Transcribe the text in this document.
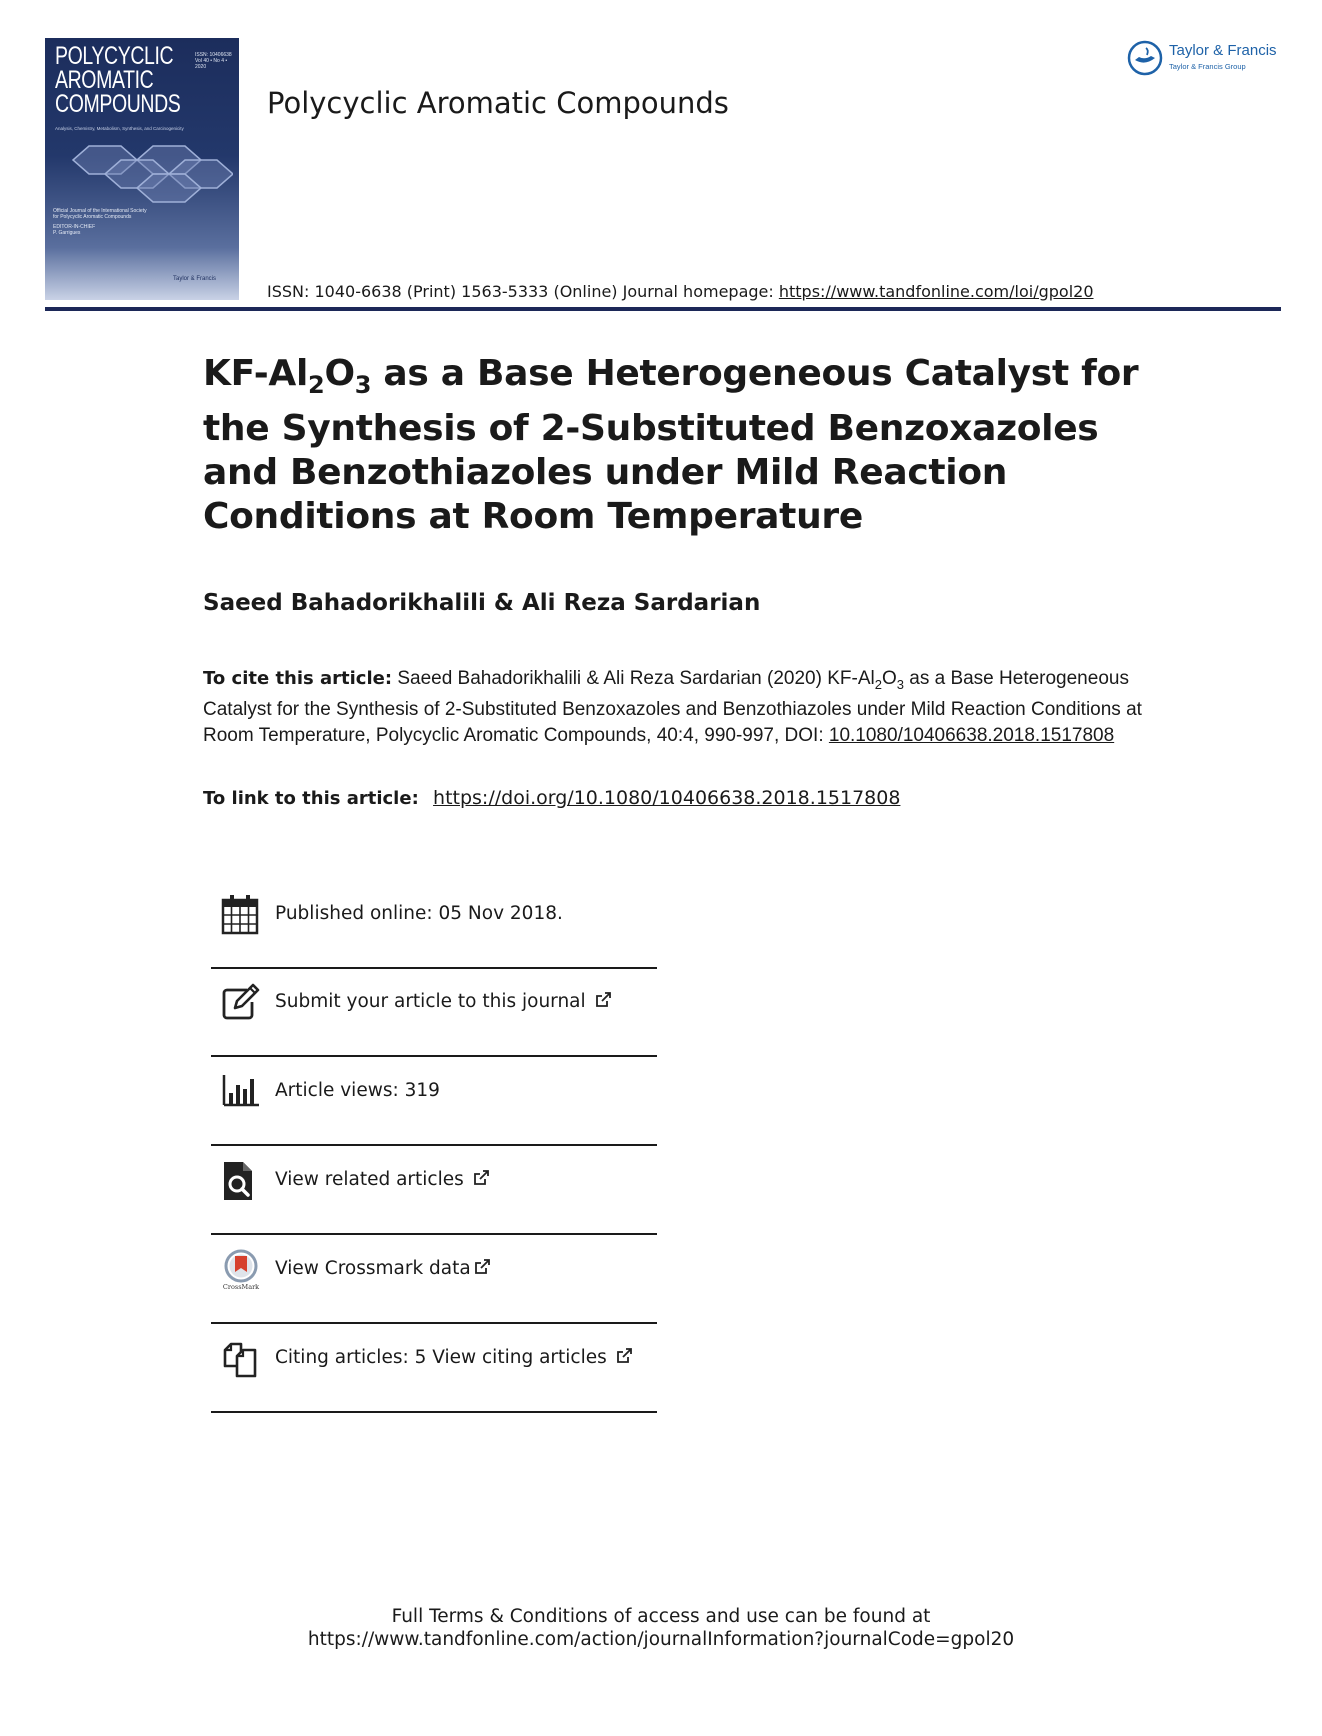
POLYCYCLIC
AROMATIC
COMPOUNDS
ISSN: 10406638
Vol 40 • No 4 • 2020
Analysis, Chemistry, Metabolism, Synthesis, and Carcinogenicity
Official Journal of the International Society for Polycyclic Aromatic Compounds
EDITOR-IN-CHIEF
P. Garrigues
Taylor & Francis
Polycyclic Aromatic Compounds
Taylor & Francis
Taylor & Francis Group
ISSN: 1040-6638 (Print) 1563-5333 (Online) Journal homepage: https://www.tandfonline.com/loi/gpol20
$KF-Al_2O_3$ as a Base Heterogeneous Catalyst for the Synthesis of 2-Substituted Benzoxazoles and Benzothiazoles under Mild Reaction Conditions at Room Temperature
Saeed Bahadorikhalili & Ali Reza Sardarian
To cite this article: Saeed Bahadorikhalili & Ali Reza Sardarian (2020) $KF-Al_2O_3$ as a Base Heterogeneous Catalyst for the Synthesis of 2-Substituted Benzoxazoles and Benzothiazoles under Mild Reaction Conditions at Room Temperature, Polycyclic Aromatic Compounds, 40:4, 990-997, DOI: 10.1080/10406638.2018.1517808
To link to this article: https://doi.org/10.1080/10406638.2018.1517808
Published online: 05 Nov 2018.
Submit your article to this journal
Article views: 319
View related articles
CrossMark
View Crossmark data
Citing articles: 5 View citing articles
Full Terms & Conditions of access and use can be found at
https://www.tandfonline.com/action/journalInformation?journalCode=gpol20
